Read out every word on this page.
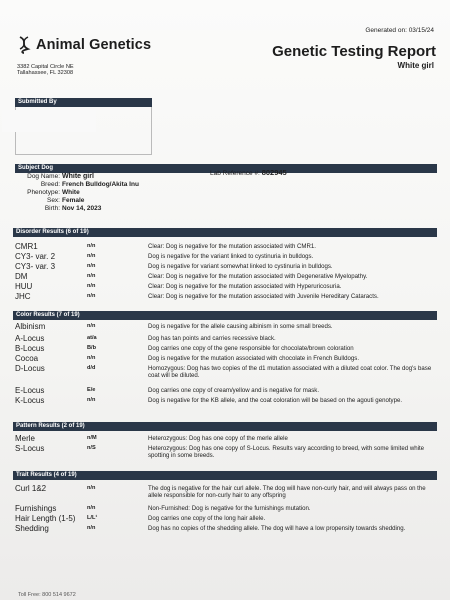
Animal Genetics
3382 Capital Circle NE
Tallahassee, FL 32308
Generated on: 03/15/24
Genetic Testing Report
White girl
Submitted By
Subject Dog
Dog Name: White girl
Breed: French Bulldog/Akita Inu
Phenotype: White
Sex: Female
Birth: Nov 14, 2023
Lab Reference #: 802945
Disorder Results (6 of 19)
Color Results (7 of 19)
Pattern Results (2 of 19)
Trait Results (4 of 19)
CMR1	n/n	Clear: Dog is negative for the mutation associated with CMR1.
CY3- var. 2	n/n	Dog is negative for the variant linked to cystinuria in bulldogs.
CY3- var. 3	n/n	Dog is negative for variant somewhat linked to cystinuria in bulldogs.
DM	n/n	Clear: Dog is negative for the mutation associated with Degenerative Myelopathy.
HUU	n/n	Clear: Dog is negative for the mutation associated with Hyperuricosuria.
JHC	n/n	Clear: Dog is negative for the mutation associated with Juvenile Hereditary Cataracts.
Albinism	n/n	Dog is negative for the allele causing albinism in some small breeds.
A-Locus	at/a	Dog has tan points and carries recessive black.
B-Locus	B/b	Dog carries one copy of the gene responsible for chocolate/brown coloration
Cocoa	n/n	Dog is negative for the mutation associated with chocolate in French Bulldogs.
D-Locus	d/d	Homozygous: Dog has two copies of the d1 mutation associated with a diluted coat color. The dog's base coat will be diluted.
E-Locus	E/e	Dog carries one copy of cream/yellow and is negative for mask.
K-Locus	n/n	Dog is negative for the KB allele, and the coat coloration will be based on the agouti genotype.
Merle	n/M	Heterozygous: Dog has one copy of the merle allele
S-Locus	n/S	Heterozygous: Dog has one copy of S-Locus. Results vary according to breed, with some limited white spotting in some breeds.
Curl 1&2	n/n	The dog is negative for the hair curl allele. The dog will have non-curly hair, and will always pass on the allele responsible for non-curly hair to any offspring
Furnishings	n/n	Non-Furnished: Dog is negative for the furnishings mutation.
Hair Length (1-5) L/L¹	Dog carries one copy of the long hair allele.
Shedding	n/n	Dog has no copies of the shedding allele. The dog will have a low propensity towards shedding.
Toll Free: 800 514 9672
